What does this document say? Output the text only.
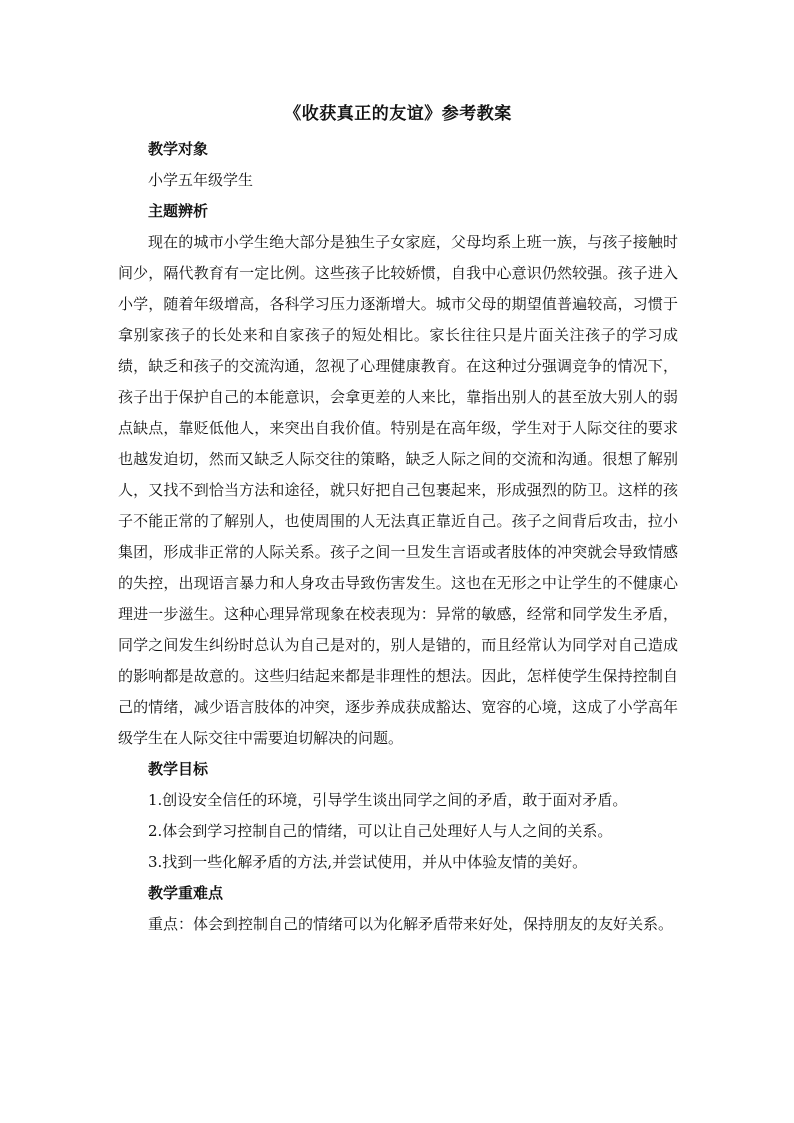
《收获真正的友谊》参考教案
教学对象

小学五年级学生

主题辨析

现在的城市小学生绝大部分是独生子女家庭，父母均系上班一族，与孩子接触时间少，隔代教育有一定比例。这些孩子比较娇惯，自我中心意识仍然较强。孩子进入小学，随着年级增高，各科学习压力逐渐增大。城市父母的期望值普遍较高，习惯于拿别家孩子的长处来和自家孩子的短处相比。家长往往只是片面关注孩子的学习成绩，缺乏和孩子的交流沟通，忽视了心理健康教育。在这种过分强调竞争的情况下，孩子出于保护自己的本能意识，会拿更差的人来比，靠指出别人的甚至放大别人的弱点缺点，靠贬低他人，来突出自我价值。特别是在高年级，学生对于人际交往的要求也越发迫切，然而又缺乏人际交往的策略，缺乏人际之间的交流和沟通。很想了解别人，又找不到恰当方法和途径，就只好把自己包裹起来，形成强烈的防卫。这样的孩子不能正常的了解别人，也使周围的人无法真正靠近自己。孩子之间背后攻击，拉小集团，形成非正常的人际关系。孩子之间一旦发生言语或者肢体的冲突就会导致情感的失控，出现语言暴力和人身攻击导致伤害发生。这也在无形之中让学生的不健康心理进一步滋生。这种心理异常现象在校表现为：异常的敏感，经常和同学发生矛盾，同学之间发生纠纷时总认为自己是对的，别人是错的，而且经常认为同学对自己造成的影响都是故意的。这些归结起来都是非理性的想法。因此，怎样使学生保持控制自己的情绪，减少语言肢体的冲突，逐步养成获成豁达、宽容的心境，这成了小学高年级学生在人际交往中需要迫切解决的问题。

教学目标

1.创设安全信任的环境，引导学生谈出同学之间的矛盾，敢于面对矛盾。

2.体会到学习控制自己的情绪，可以让自己处理好人与人之间的关系。

3.找到一些化解矛盾的方法,并尝试使用，并从中体验友情的美好。

教学重难点

重点：体会到控制自己的情绪可以为化解矛盾带来好处，保持朋友的友好关系。
